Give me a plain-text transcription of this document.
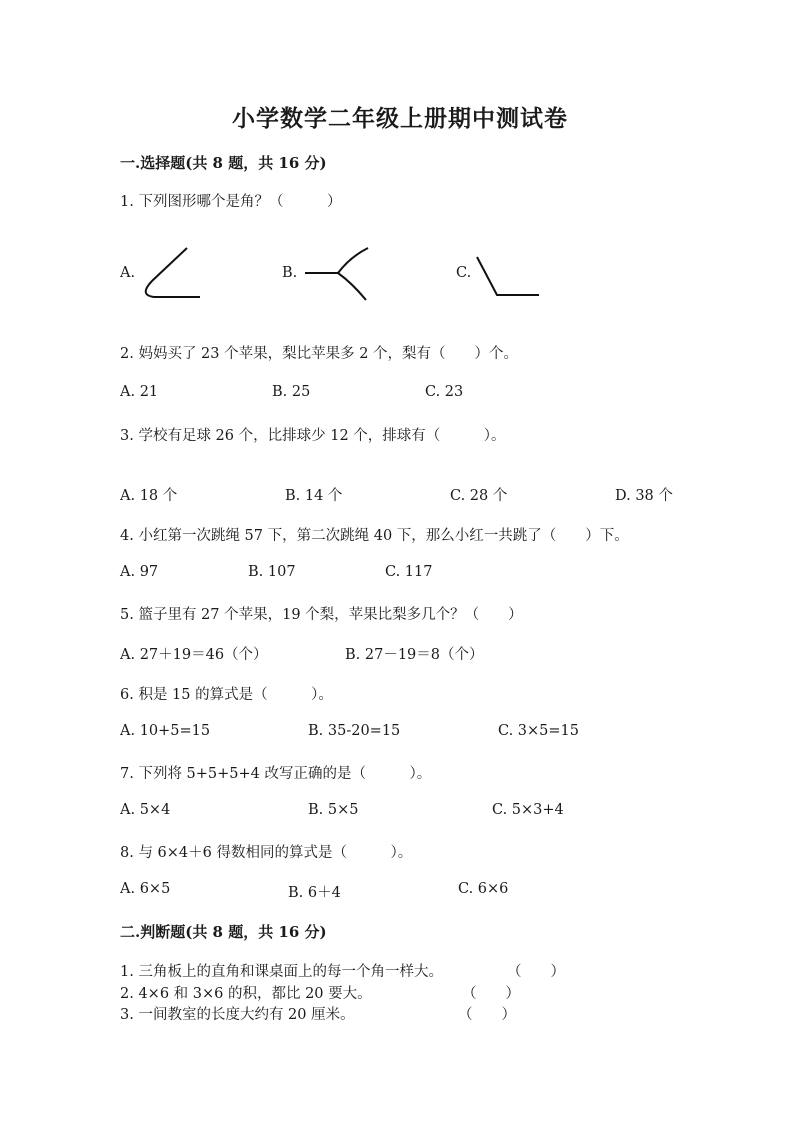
小学数学二年级上册期中测试卷
一.选择题(共 8 题，共 16 分)
1. 下列图形哪个是角？（　　　）
A.	B.	C.
2. 妈妈买了 23 个苹果，梨比苹果多 2 个，梨有（　　）个。
A. 21	B. 25	C. 23
3. 学校有足球 26 个，比排球少 12 个，排球有（　　　）。
A. 18 个	B. 14 个	C. 28 个	D. 38 个
4. 小红第一次跳绳 57 下，第二次跳绳 40 下，那么小红一共跳了（　　）下。
A. 97	B. 107	C. 117
5. 篮子里有 27 个苹果，19 个梨，苹果比梨多几个？（　　）
A. 27＋19＝46（个）	B. 27－19＝8（个）
6. 积是 15 的算式是（　　　）。
A. 10+5=15	B. 35-20=15	C. 3×5=15
7. 下列将 5+5+5+4 改写正确的是（　　　）。
A. 5×4	B. 5×5	C. 5×3+4
8. 与 6×4＋6 得数相同的算式是（　　　）。
A. 6×5	B. 6＋4	C. 6×6
二.判断题(共 8 题，共 16 分)
1. 三角板上的直角和课桌面上的每一个角一样大。	（　　）
2. 4×6 和 3×6 的积，都比 20 要大。	（　　）
3. 一间教室的长度大约有 20 厘米。	（　　）
